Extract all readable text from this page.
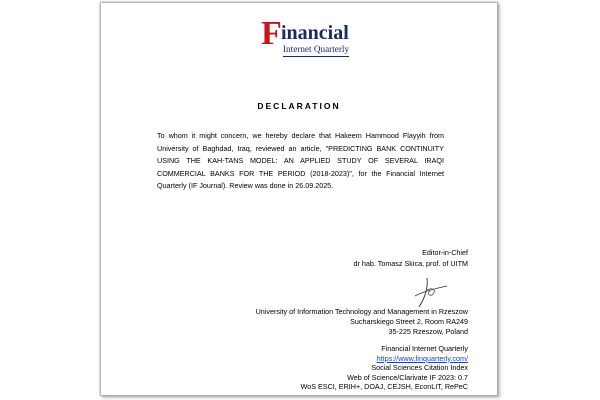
F inancial
Internet Quarterly
DECLARATION

To whom it might concern, we hereby declare that Hakeem Hammood Flayyih from University of Baghdad, Iraq, reviewed an article, "PREDICTING BANK CONTINUITY USING THE KAH-TANS MODEL: AN APPLIED STUDY OF SEVERAL IRAQI COMMERCIAL BANKS FOR THE PERIOD (2018-2023)", for the Financial Internet Quarterly (IF Journal). Review was done in 26.09.2025.

Editor-in-Chief
dr hab. Tomasz Skica, prof. of UITM
University of Information Technology and Management in Rzeszow
Sucharskiego Street 2, Room RA249
35-225 Rzeszow, Poland
Financial Internet Quarterly
https://www.finquarterly.com/
Social Sciences Citation Index
Web of Science/Clarivate IF 2023: 0.7
WoS ESCI, ERIH+, DOAJ, CEJSH, EconLIT, RePeC
